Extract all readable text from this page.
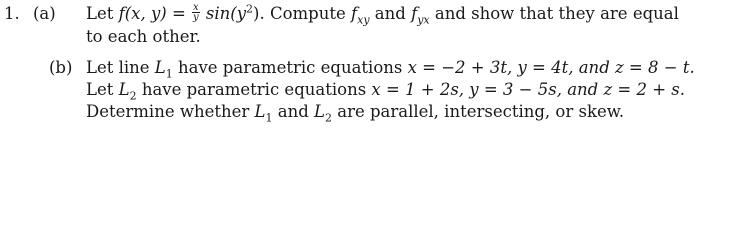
1. (a) Let f(x, $y) = \frac{x}{y} \sin(y^2)$. Compute $f_{xy}$ and $f_{yx}$ and show that they are equal
to each other.
(b) Let line $L_1$ have parametric equations x = −2 + 3t, y = 4t, and z = 8 − t.
Let $L_2$ have parametric equations x = 1 + 2s, y = 3 − 5s, and z = 2 + s.
Determine whether $L_1$ and $L_2$ are parallel, intersecting, or skew.
